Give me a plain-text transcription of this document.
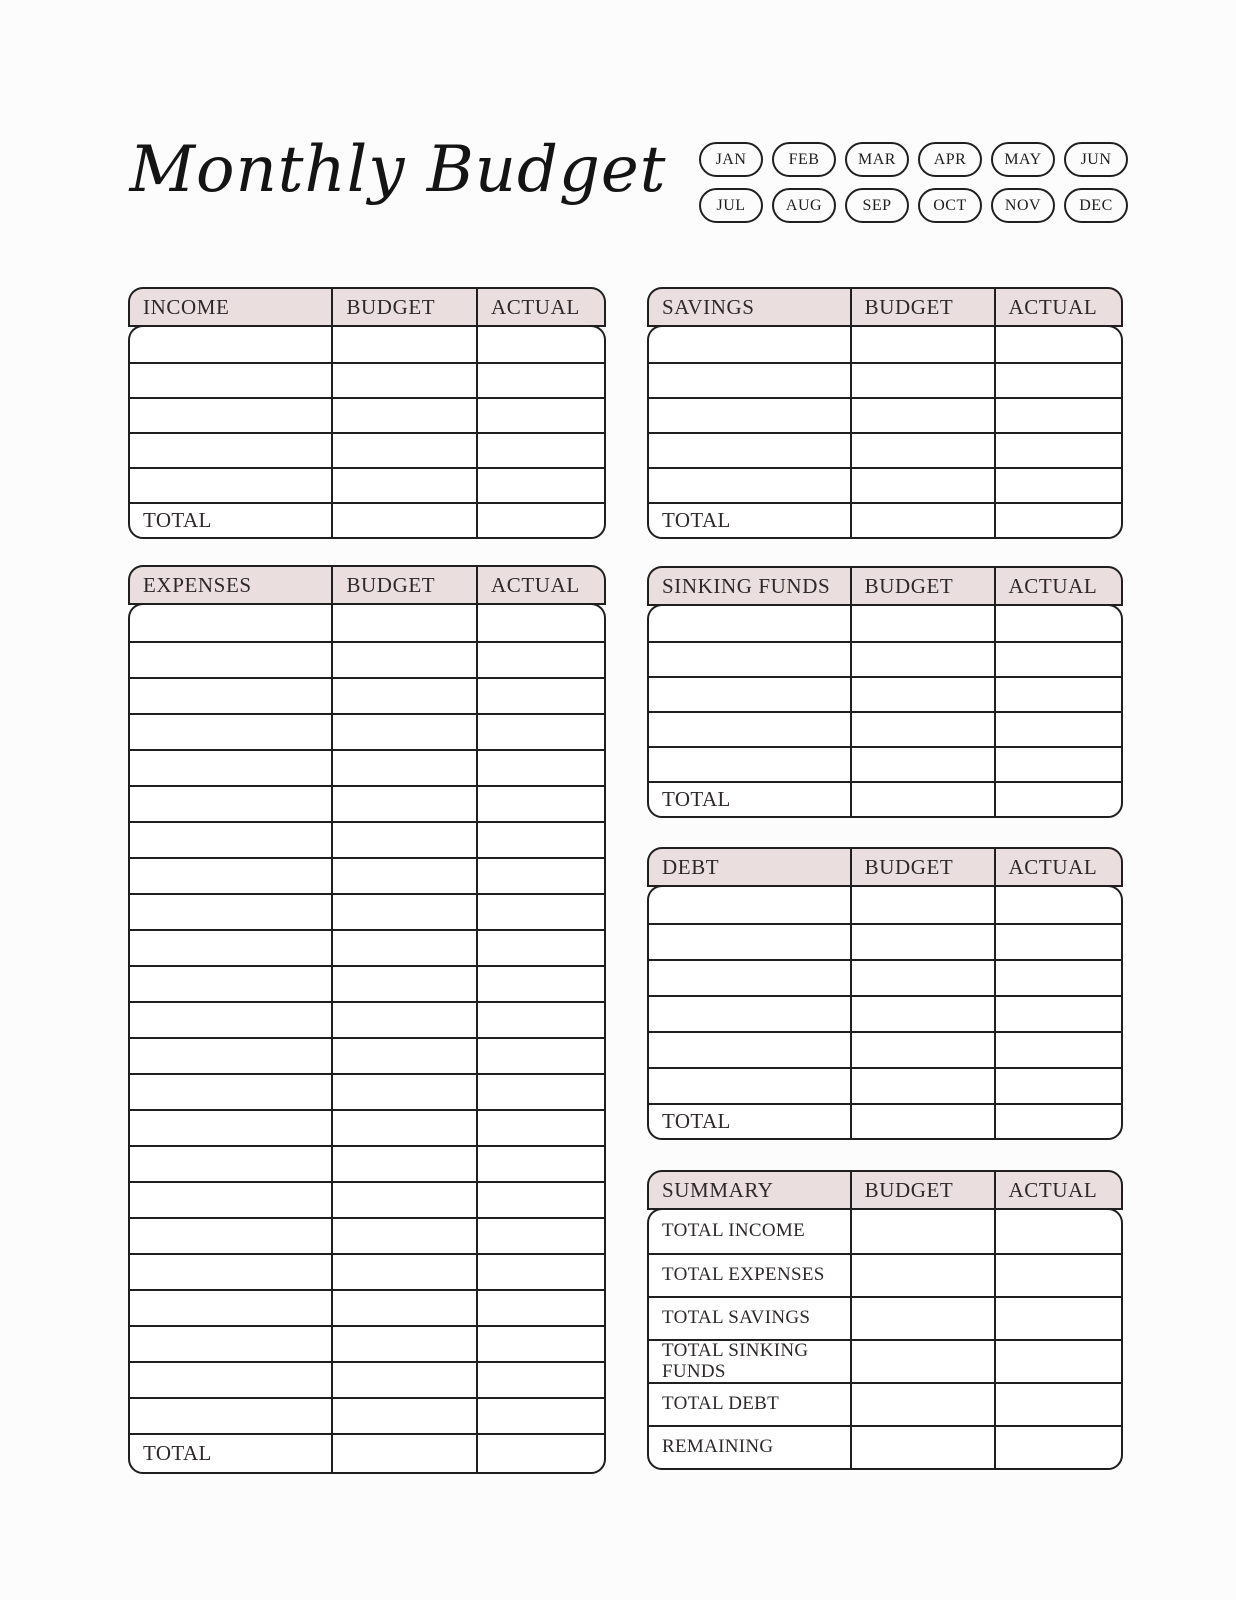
Monthly Budget	JAN	FEB	MAR	APR	MAY	JUN
JUL	AUG	SEP	OCT	NOV	DEC
INCOME	BUDGET	ACTUAL
TOTAL
SAVINGS	BUDGET	ACTUAL
TOTAL
EXPENSES	BUDGET	ACTUAL
TOTAL
SINKING FUNDS	BUDGET	ACTUAL
TOTAL
DEBT	BUDGET	ACTUAL
TOTAL
SUMMARY	BUDGET	ACTUAL
TOTAL INCOME
TOTAL EXPENSES
TOTAL SAVINGS
TOTAL SINKING FUNDS
TOTAL DEBT
REMAINING
